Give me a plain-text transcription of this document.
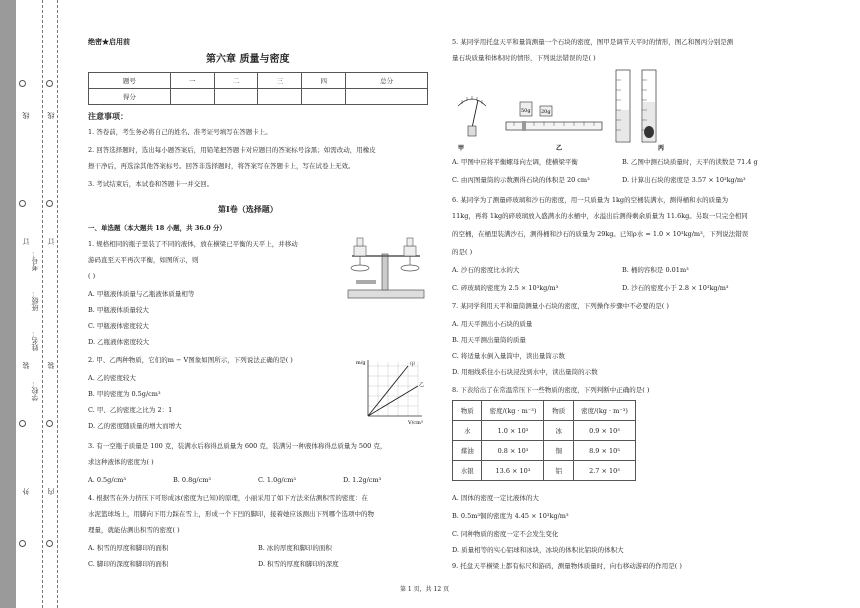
线
订
装
外
线
订
装
内
学校：
姓名：
班级：
考号：
绝密★启用前
第六章 质量与密度
题号	一	二	三	四	总分
得分					
注意事项：
1. 答卷前，考生务必将自己的姓名、准考证号填写在答题卡上。
2. 回答选择题时，选出每小题答案后，用铅笔把答题卡对应题目的答案标号涂黑；如需改动，用橡皮
擦干净后，再选涂其他答案标号。回答非选择题时，将答案写在答题卡上，写在试卷上无效。
3. 考试结束后，本试卷和答题卡一并交回。
第Ⅰ卷（选择题）
一、单选题（本大题共 18 小题，共 36.0 分）
1. 规格相同的瓶子里装了不同的液体，放在横梁已平衡的天平上，并移动
游码直至天平再次平衡，如图所示，则
( )
A. 甲瓶液体质量与乙瓶液体质量相等
B. 甲瓶液体质量较大
C. 甲瓶液体密度较大
D. 乙瓶液体密度较大
2. 甲、乙两种物质，它们的m − V图象如图所示，下列说法正确的是( )
A. 乙的密度较大
B. 甲的密度为 0.5g/cm³
C. 甲、乙的密度之比为 2：1
D. 乙的密度随质量的增大而增大
m/g
V/cm³
甲
乙
3. 有一空瓶子质量是 100 克，装满水后称得总质量为 600 克，装满另一种液体称得总质量为 500 克，
求这种液体的密度为( )
A. 0.5g/cm³	B. 0.8g/cm³	C. 1.0g/cm³	D. 1.2g/cm³
4. 根据雪在外力挤压下可形成冰(密度为已知)的原理，小丽采用了如下方法来估测积雪的密度：在
水泥篮球场上，用脚向下用力踩在雪上，形成一个下凹的脚印，接着她应该测出下列哪个选项中的物
理量，就能估测出积雪的密度( )
A. 积雪的厚度和脚印的面积	B. 冰的厚度和脚印的面积
C. 脚印的深度和脚印的面积	D. 积雪的厚度和脚印的深度
5. 某同学用托盘天平和量筒测量一个石块的密度，图甲是调节天平时的情形，图乙和图丙分别是测
量石块质量和体积时的情形，下列说法错误的是( )
甲
50g 20g
乙	丙
A. 甲图中应将平衡螺母向左调，使横梁平衡	B. 乙图中测石块质量时，天平的读数是 71.4 g
C. 由丙图量筒的示数测得石块的体积是 20 cm³	D. 计算出石块的密度是 3.57 × 10³kg/m³
6. 某同学为了测量碎玻璃和沙石的密度，用一只质量为 1kg的空桶装满水，测得桶和水的质量为
11kg，再将 1kg的碎玻璃放入盛满水的水桶中，水溢出后测得剩余质量为 11.6kg。另取一只完全相同
的空桶，在桶里装满沙石，测得桶和沙石的质量为 29kg。已知ρ水 = 1.0 × 10³kg/m³，下列说法错误
的是( )
A. 沙石的密度比水的大	B. 桶的容积是 0.01m³
C. 碎玻璃的密度为 2.5 × 10³kg/m³	D. 沙石的密度小于 2.8 × 10³kg/m³
7. 某同学利用天平和量筒测量小石块的密度，下列操作步骤中不必要的是( )
A. 用天平测出小石块的质量
B. 用天平测出量筒的质量
C. 将适量水倒入量筒中，读出量筒示数
D. 用细线系住小石块浸没到水中，读出量筒的示数
8. 下表给出了在常温常压下一些物质的密度，下列判断中正确的是( )
物质	密度/(kg · m⁻³)	物质	密度/(kg · m⁻³)
水	1.0 × 10³	冰	0.9 × 10³
煤油	0.8 × 10³	铜	8.9 × 10³
水银	13.6 × 10³	铝	2.7 × 10³
A. 固体的密度一定比液体的大
B. 0.5m³铜的密度为 4.45 × 10³kg/m³
C. 同种物质的密度一定不会发生变化
D. 质量相等的实心铝球和冰块，冰块的体积比铝块的体积大
9. 托盘天平横梁上都有标尺和游码，测量物体质量时，向右移动游码的作用是( )
第 1 页，共 12 页
